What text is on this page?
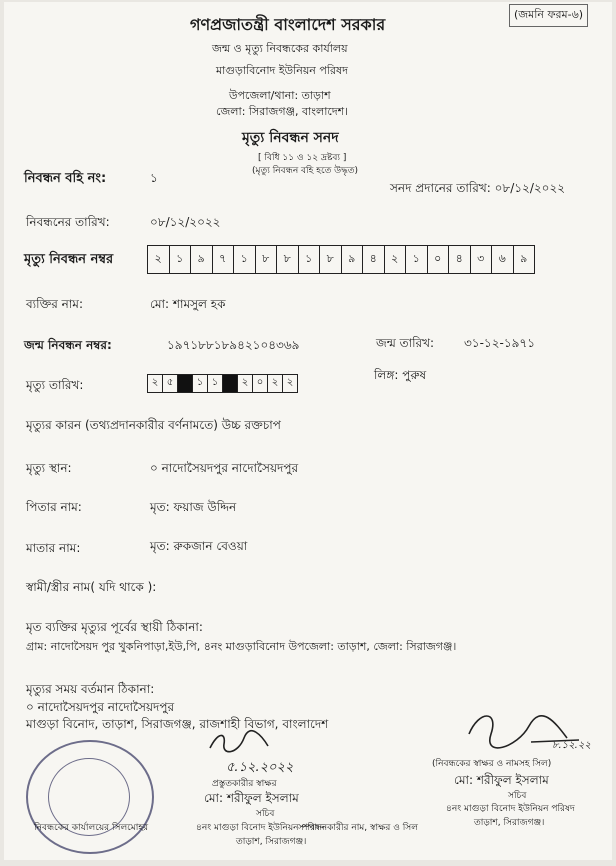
(জমনি ফরম-৬)
গণপ্রজাতন্ত্রী বাংলাদেশ সরকার
জন্ম ও মৃত্যু নিবন্ধকের কার্যালয়
মাগুড়াবিনোদ ইউনিয়ন পরিষদ
উপজেলা/থানা: তাড়াশ
জেলা: সিরাজগঞ্জ, বাংলাদেশ।
মৃত্যু নিবন্ধন সনদ
[ বিধি ১১ ও ১২ দ্রষ্টব্য ]
(মৃত্যু নিবন্ধন বহি হতে উদ্ধৃত)
নিবন্ধন বহি নং:	১
সনদ প্রদানের তারিখ: ০৮/১২/২০২২
নিবন্ধনের তারিখ:	০৮/১২/২০২২
মৃত্যু নিবন্ধন নম্বর	২	১	৯	৭	১	৮	৮	১	৮	৯	৪	২	১	০	৪	৩	৬	৯
ব্যক্তির নাম:	মো: শামসুল হক
জন্ম নিবন্ধন নম্বর:	১৯৭১৮৮১৮৯৪২১০৪৩৬৯	জন্ম তারিখ: ৩১-১২-১৯৭১
মৃত্যু তারিখ:	২ ৫	১ ১	২ ০ ২ ২
লিঙ্গ: পুরুষ
মৃত্যুর কারন (তথ্যপ্রদানকারীর বর্ণনামতে) উচ্চ রক্তচাপ
মৃত্যু স্থান:	০ নাদোসৈয়দপুর নাদোসৈয়দপুর
পিতার নাম:	মৃত: ফয়াজ উদ্দিন
মাতার নাম:	মৃত: রুকজান বেওয়া
স্বামী/স্ত্রীর নাম( যদি থাকে ):
মৃত ব্যক্তির মৃত্যুর পূর্বের স্থায়ী ঠিকানা:
গ্রাম: নাদোসৈয়দ পুর খুকনিপাড়া,ইউ,পি, ৪নং মাগুড়াবিনোদ উপজেলা: তাড়াশ, জেলা: সিরাজগঞ্জ।
মৃত্যুর সময় বর্তমান ঠিকানা:
০ নাদোসৈয়দপুর নাদোসৈয়দপুর
মাগুড়া বিনোদ, তাড়াশ, সিরাজগঞ্জ, রাজশাহী বিভাগ, বাংলাদেশ
৫.১২.২০২২
প্রস্তুতকারীর স্বাক্ষর
মো: শরীফুল ইসলাম
সচিব
৪নং মাগুড়া বিনোদ ইউনিয়ন পরিষদ
তাড়াশ, সিরাজগঞ্জ।
৮.১২.২২
(নিবন্ধকের স্বাক্ষর ও নামসহ সিল)
মো: শরীফুল ইসলাম
সচিব
৪নং মাগুড়া বিনোদ ইউনিয়ন পরিষদ
তাড়াশ, সিরাজগঞ্জ।
নিবন্ধকের কার্যালয়ের সিলমোহর	সম্পাদনকারীর নাম, স্বাক্ষর ও সিল
